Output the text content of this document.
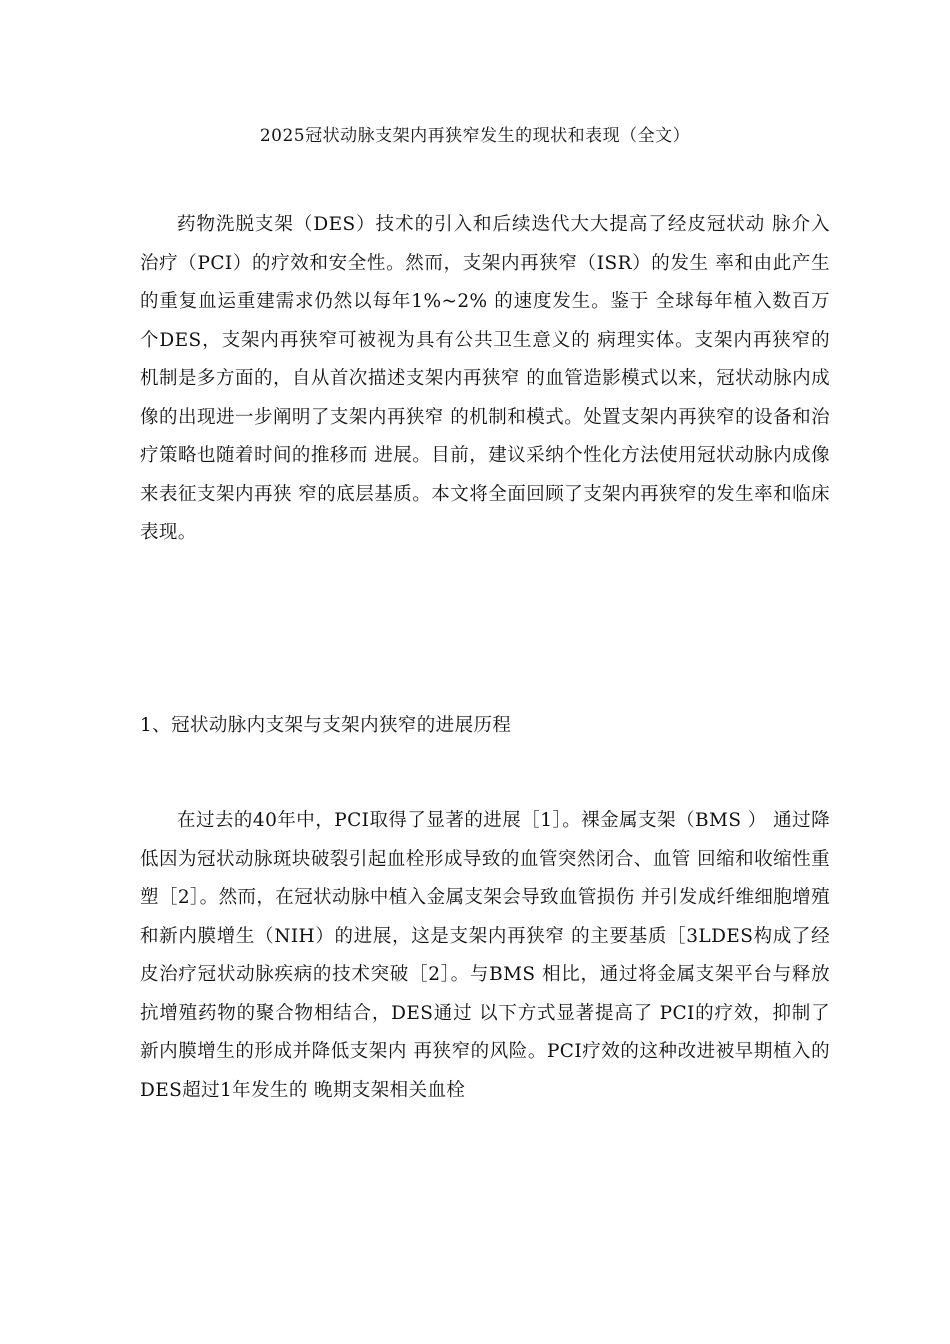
2025冠状动脉支架内再狭窄发生的现状和表现（全文）

药物洗脱支架（DES）技术的引入和后续迭代大大提高了经皮冠状动 脉介入治疗（PCI）的疗效和安全性。然而，支架内再狭窄（ISR）的发生 率和由此产生的重复血运重建需求仍然以每年1%~2% 的速度发生。鉴于 全球每年植入数百万个DES，支架内再狭窄可被视为具有公共卫生意义的 病理实体。支架内再狭窄的机制是多方面的，自从首次描述支架内再狭窄 的血管造影模式以来，冠状动脉内成像的出现进一步阐明了支架内再狭窄 的机制和模式。处置支架内再狭窄的设备和治疗策略也随着时间的推移而 进展。目前，建议采纳个性化方法使用冠状动脉内成像来表征支架内再狭 窄的底层基质。本文将全面回顾了支架内再狭窄的发生率和临床表现。

1、冠状动脉内支架与支架内狭窄的进展历程

在过去的40年中，PCI取得了显著的进展［1］。裸金属支架（BMS ） 通过降低因为冠状动脉斑块破裂引起血栓形成导致的血管突然闭合、血管 回缩和收缩性重塑［2］。然而，在冠状动脉中植入金属支架会导致血管损伤 并引发成纤维细胞增殖和新内膜增生（NIH）的进展，这是支架内再狭窄 的主要基质［3LDES构成了经皮治疗冠状动脉疾病的技术突破［2］。与BMS 相比，通过将金属支架平台与释放抗增殖药物的聚合物相结合，DES通过 以下方式显著提高了 PCI的疗效，抑制了新内膜增生的形成并降低支架内 再狭窄的风险。PCI疗效的这种改进被早期植入的DES超过1年发生的 晚期支架相关血栓
